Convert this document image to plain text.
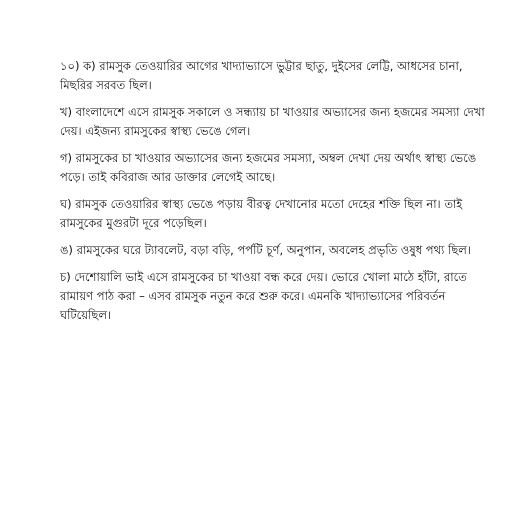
১০) ক) রামসুক তেওয়ারির আগের খাদ্যাভ্যাসে ভুট্টার ছাতু, দুইসের লেট্টি, আধসের চানা, মিছরির সরবত ছিল।

খ) বাংলাদেশে এসে রামসুক সকালে ও সন্ধ্যায় চা খাওয়ার অভ্যাসের জন্য হজমের সমস্যা দেখা দেয়। এইজন্য রামসুকের স্বাস্থ্য ভেঙে গেল।

গ) রামসুকের চা খাওয়ার অভ্যাসের জন্য হজমের সমস্যা, অম্বল দেখা দেয় অর্থাৎ স্বাস্থ্য ভেঙে পড়ে। তাই কবিরাজ আর ডাক্তার লেগেই আছে।

ঘ) রামসুক তেওয়ারির স্বাস্থ্য ভেঙে পড়ায় বীরত্ব দেখানোর মতো দেহের শক্তি ছিল না। তাই রামসুকের মুগুরটা দূরে পড়েছিল।

ঙ) রামসুকের ঘরে ট্যাবলেট, বড়া বড়ি, পর্পটি চূর্ণ, অনুপান, অবলেহ প্রভৃতি ওষুধ পথ্য ছিল।

চ) দেশোয়ালি ভাই এসে রামসুকের চা খাওয়া বন্ধ করে দেয়। ভোরে খোলা মাঠে হাঁটা, রাতে রামায়ণ পাঠ করা – এসব রামসুক নতুন করে শুরু করে। এমনকি খাদ্যাভ্যাসের পরিবর্তন ঘটিয়েছিল।
